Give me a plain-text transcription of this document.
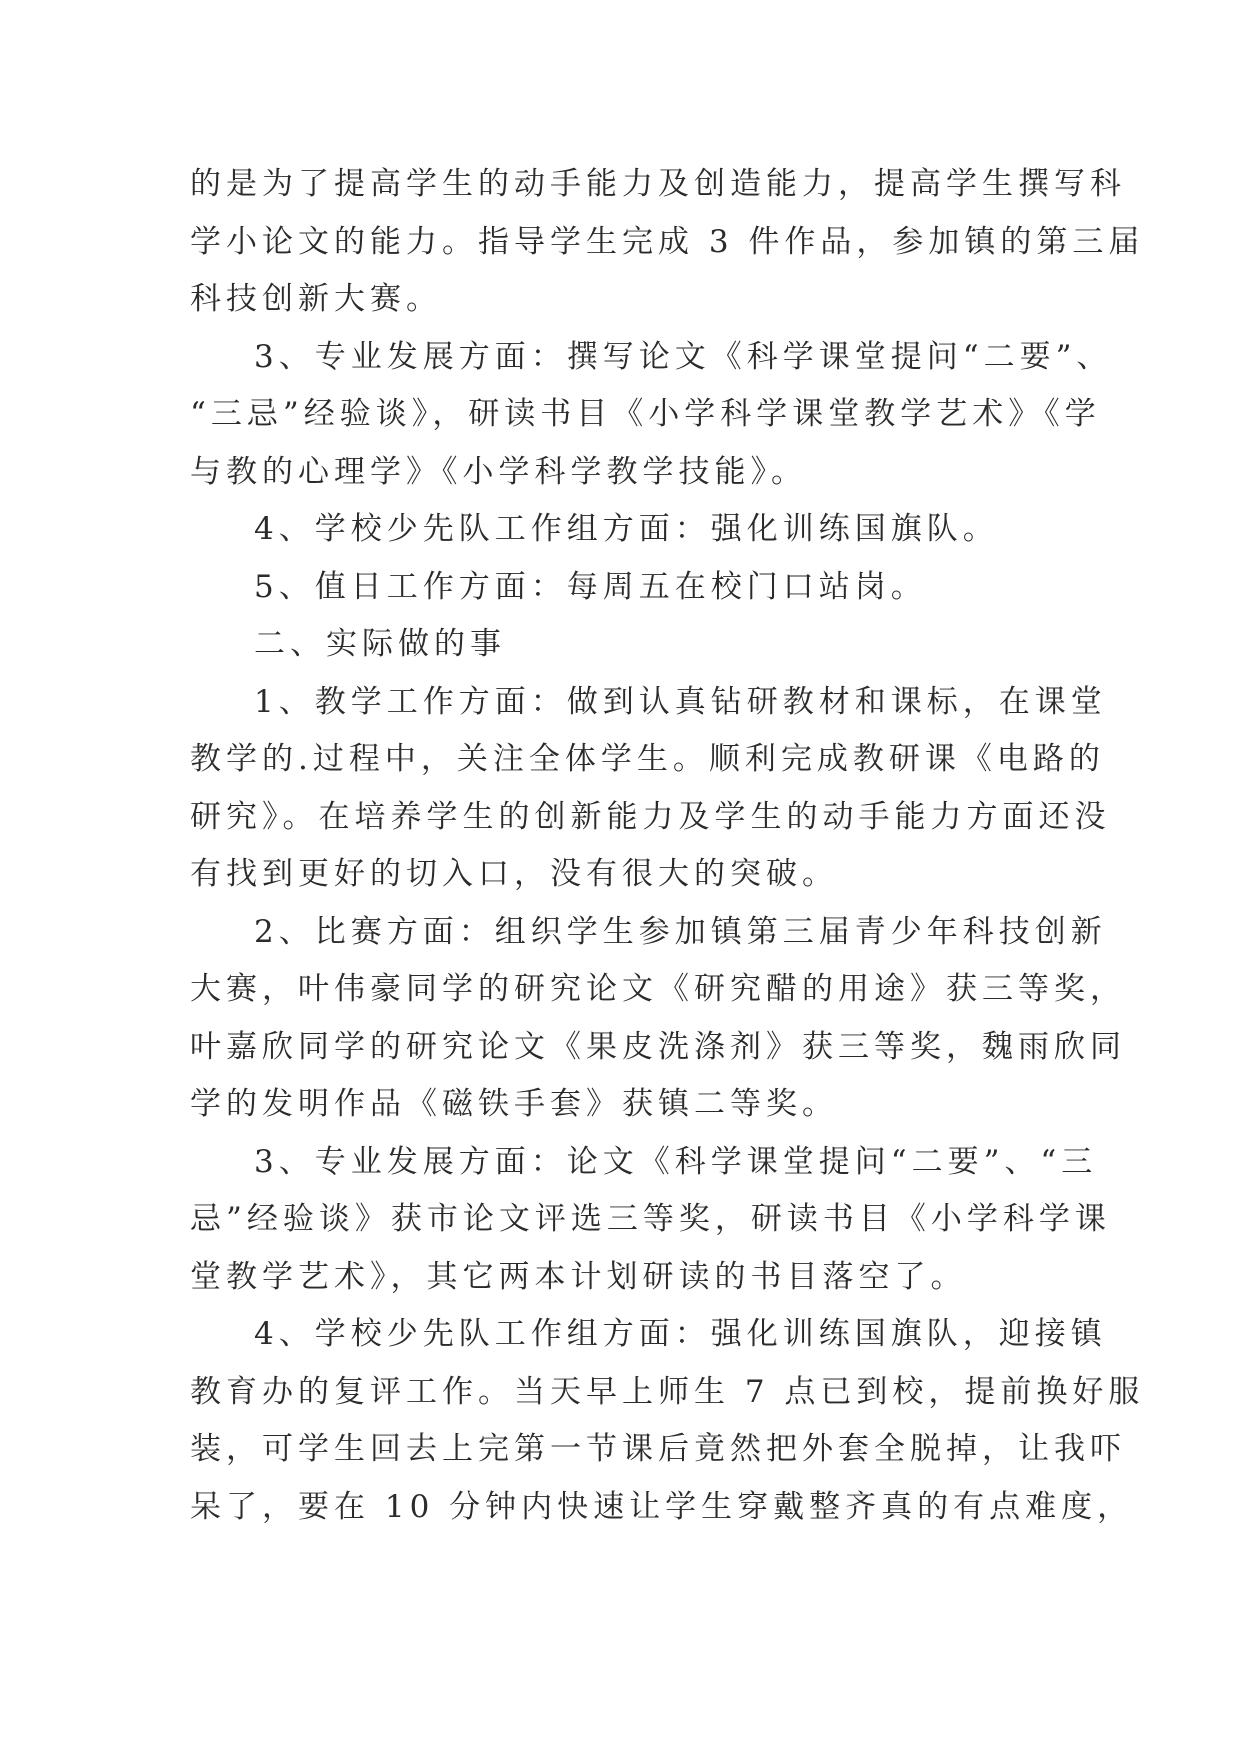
的是为了提高学生的动手能力及创造能力，提高学生撰写科
学小论文的能力。指导学生完成 3 件作品，参加镇的第三届
科技创新大赛。
3、专业发展方面：撰写论文《科学课堂提问“二要”、
“三忌”经验谈》，研读书目《小学科学课堂教学艺术》《学
与教的心理学》《小学科学教学技能》。
4、学校少先队工作组方面：强化训练国旗队。
5、值日工作方面：每周五在校门口站岗。
二、实际做的事
1、教学工作方面：做到认真钻研教材和课标，在课堂
教学的.过程中，关注全体学生。顺利完成教研课《电路的
研究》。在培养学生的创新能力及学生的动手能力方面还没
有找到更好的切入口，没有很大的突破。
2、比赛方面：组织学生参加镇第三届青少年科技创新
大赛，叶伟豪同学的研究论文《研究醋的用途》获三等奖，
叶嘉欣同学的研究论文《果皮洗涤剂》获三等奖，魏雨欣同
学的发明作品《磁铁手套》获镇二等奖。
3、专业发展方面：论文《科学课堂提问“二要”、“三
忌”经验谈》获市论文评选三等奖，研读书目《小学科学课
堂教学艺术》，其它两本计划研读的书目落空了。
4、学校少先队工作组方面：强化训练国旗队，迎接镇
教育办的复评工作。当天早上师生 7 点已到校，提前换好服
装，可学生回去上完第一节课后竟然把外套全脱掉，让我吓
呆了，要在 10 分钟内快速让学生穿戴整齐真的有点难度，
